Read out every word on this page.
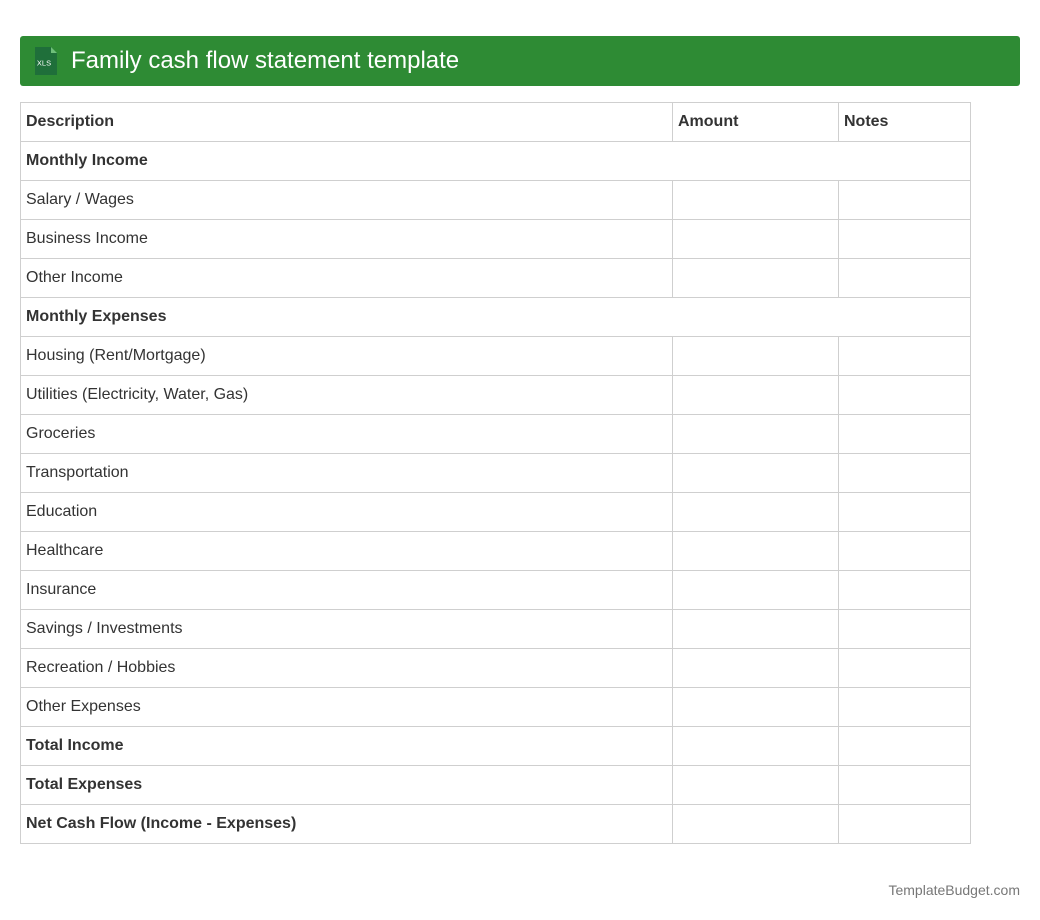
XLS Family cash flow statement template
Description	Amount	Notes
Monthly Income		
Salary / Wages		
Business Income		
Other Income		
Monthly Expenses		
Housing (Rent/Mortgage)		
Utilities (Electricity, Water, Gas)		
Groceries		
Transportation		
Education		
Healthcare		
Insurance		
Savings / Investments		
Recreation / Hobbies		
Other Expenses		
Total Income		
Total Expenses		
Net Cash Flow (Income - Expenses)		
TemplateBudget.com
